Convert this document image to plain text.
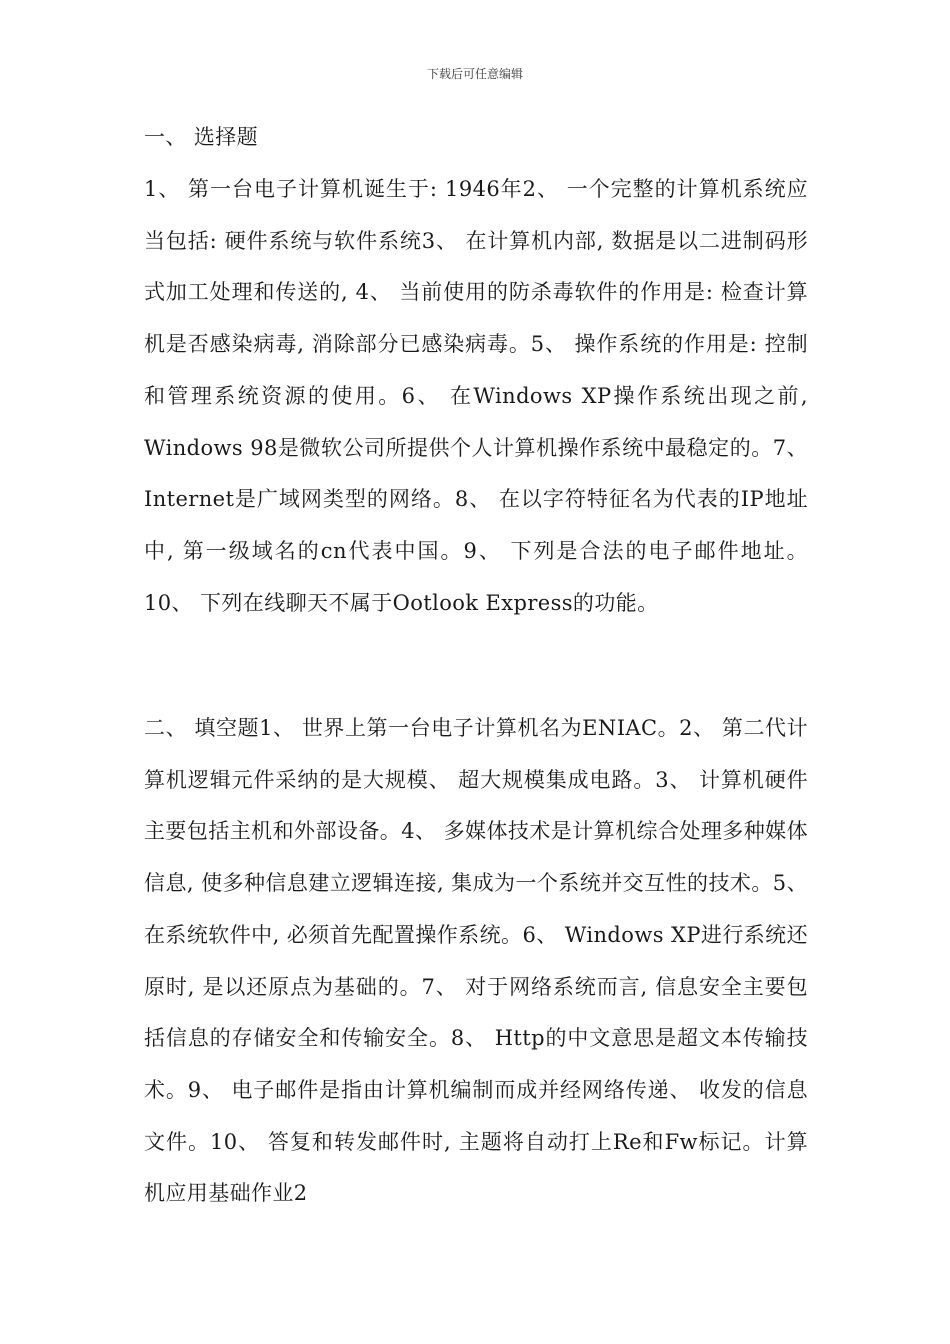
下载后可任意编辑

一、 选择题

1、 第一台电子计算机诞生于: 1946年2、 一个完整的计算机系统应当包括: 硬件系统与软件系统3、 在计算机内部, 数据是以二进制码形式加工处理和传送的, 4、 当前使用的防杀毒软件的作用是: 检查计算机是否感染病毒, 消除部分已感染病毒。5、 操作系统的作用是: 控制和管理系统资源的使用。6、 在Windows XP操作系统出现之前, Windows 98是微软公司所提供个人计算机操作系统中最稳定的。7、 Internet是广域网类型的网络。8、 在以字符特征名为代表的IP地址中, 第一级域名的cn代表中国。9、 下列是合法的电子邮件地址。10、 下列在线聊天不属于Ootlook Express的功能。

二、 填空题1、 世界上第一台电子计算机名为ENIAC。2、 第二代计算机逻辑元件采纳的是大规模、 超大规模集成电路。3、 计算机硬件主要包括主机和外部设备。4、 多媒体技术是计算机综合处理多种媒体信息, 使多种信息建立逻辑连接, 集成为一个系统并交互性的技术。5、 在系统软件中, 必须首先配置操作系统。6、 Windows XP进行系统还原时, 是以还原点为基础的。7、 对于网络系统而言, 信息安全主要包括信息的存储安全和传输安全。8、 Http的中文意思是超文本传输技术。9、 电子邮件是指由计算机编制而成并经网络传递、 收发的信息文件。10、 答复和转发邮件时, 主题将自动打上Re和Fw标记。计算机应用基础作业2
